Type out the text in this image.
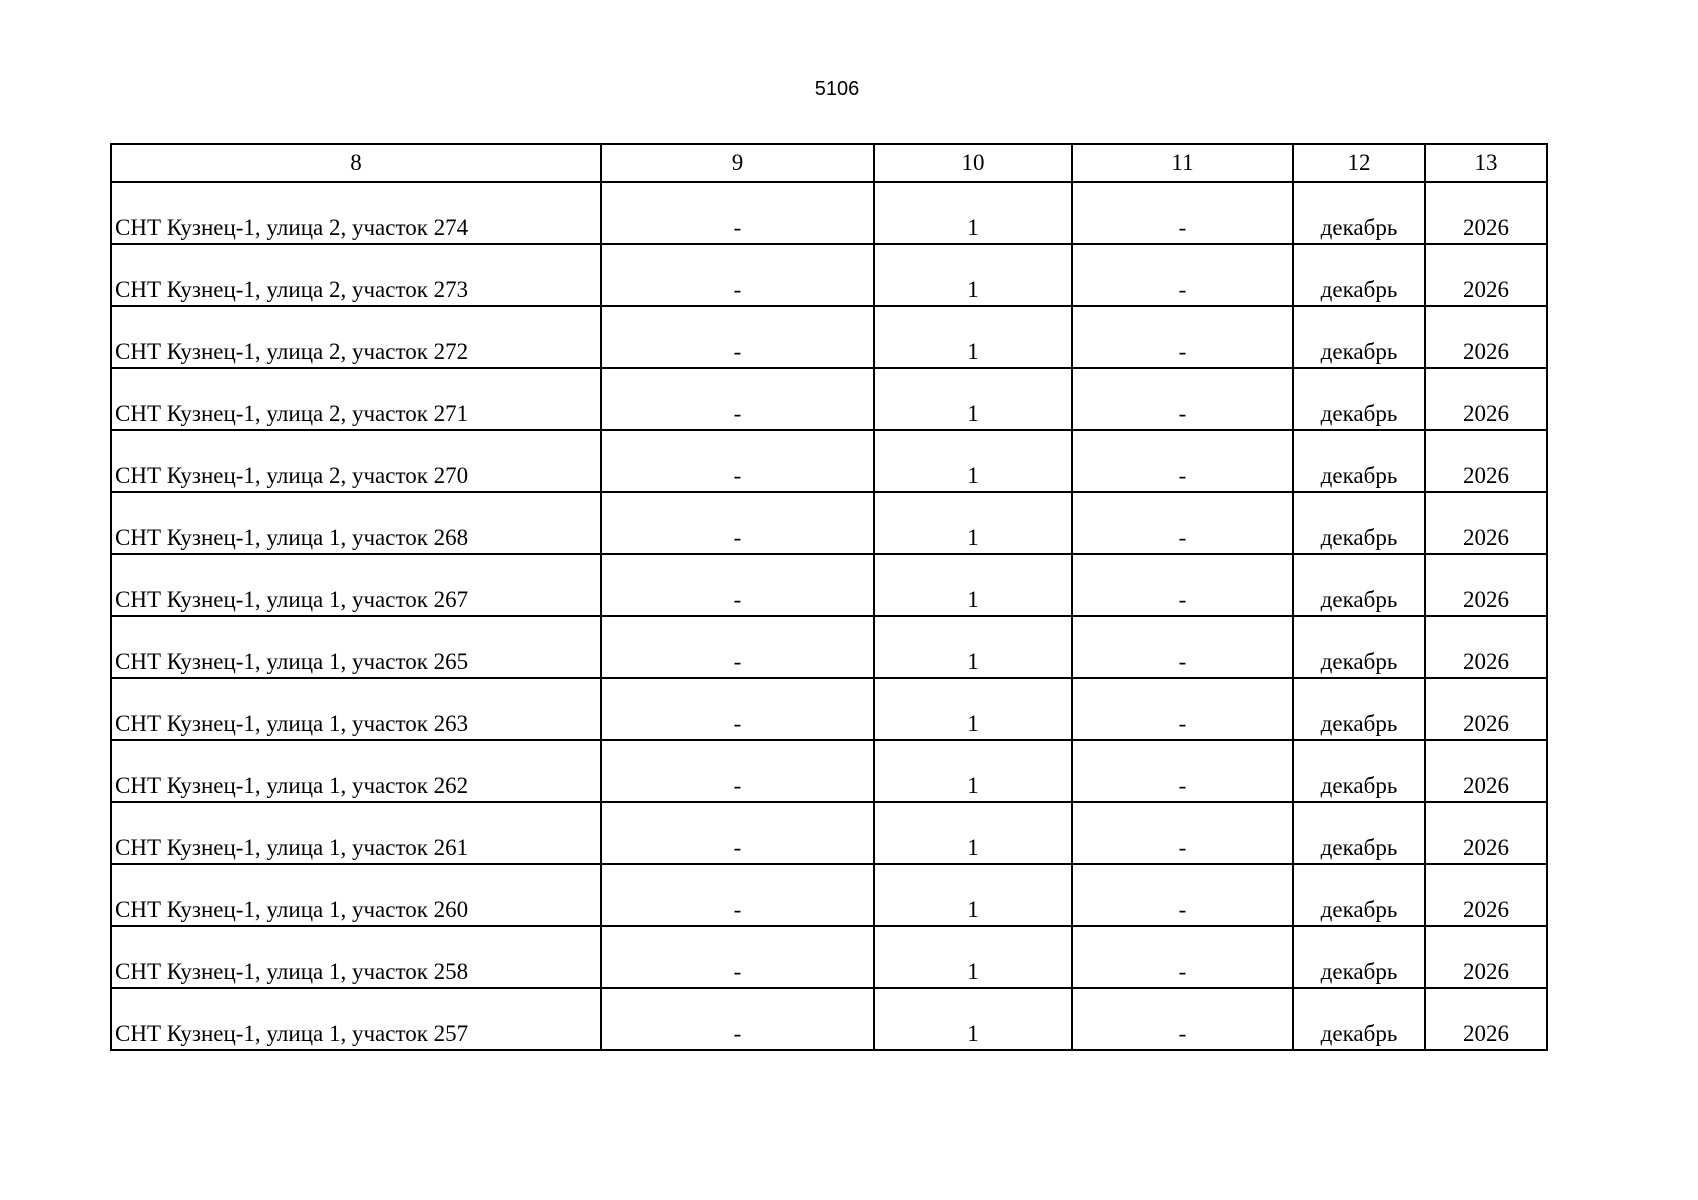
5106
8	9	10	11	12	13
СНТ Кузнец-1, улица 2, участок 274	-	1	-	декабрь	2026
СНТ Кузнец-1, улица 2, участок 273	-	1	-	декабрь	2026
СНТ Кузнец-1, улица 2, участок 272	-	1	-	декабрь	2026
СНТ Кузнец-1, улица 2, участок 271	-	1	-	декабрь	2026
СНТ Кузнец-1, улица 2, участок 270	-	1	-	декабрь	2026
СНТ Кузнец-1, улица 1, участок 268	-	1	-	декабрь	2026
СНТ Кузнец-1, улица 1, участок 267	-	1	-	декабрь	2026
СНТ Кузнец-1, улица 1, участок 265	-	1	-	декабрь	2026
СНТ Кузнец-1, улица 1, участок 263	-	1	-	декабрь	2026
СНТ Кузнец-1, улица 1, участок 262	-	1	-	декабрь	2026
СНТ Кузнец-1, улица 1, участок 261	-	1	-	декабрь	2026
СНТ Кузнец-1, улица 1, участок 260	-	1	-	декабрь	2026
СНТ Кузнец-1, улица 1, участок 258	-	1	-	декабрь	2026
СНТ Кузнец-1, улица 1, участок 257	-	1	-	декабрь	2026
